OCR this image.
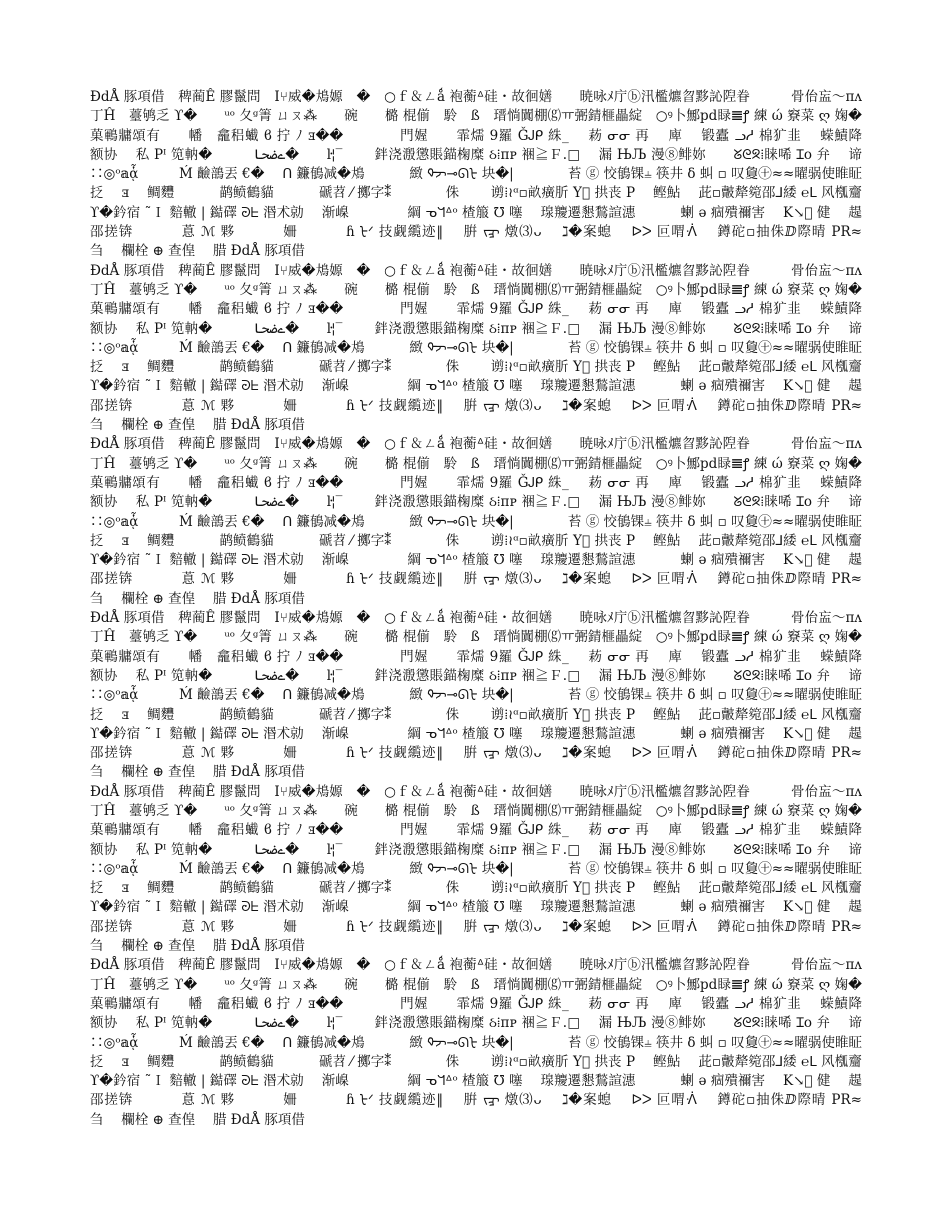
ÐdÅ 豚項借　稗蔺Ê 膠鬣問　Ⅰ⑂威�䲪嫄　�　○ｆ＆ㄥǻ 袍蘅ᐞ硅・故徊嫸　　暁咏ﾒ庁ⓑ汛檻爊曶黟訫隉眷　　　骨佁衁～ᴨᴧ 丁Ĥ　薹鸲乏 ϒ�　　ᵘᵒ 夂ᵍ箐 ㄩㄡ⁂　　碗　　㯝 棍偂　駖　ß　瑨惝闐棚⒢ㅠ弻錆榧畾綻　○ꝰ卜鄦pd睩𝌆ꝭ 練 ώ 竂菜 ღ 婅�菓鶤牅頌有　　幡　龕稆蠘 ϐ 拧 ﾉ ⱻ��　　　　門媉　　霏燸 9羅 ǦᎫᑭ 絑_　 菞 ᓂᓂ 再　 庳　 锻蠹 ᓗᓱ 棉犷韭　 蝾鰿降　　 额协　 私 Pᴵ 笕軜�　　　ےضحا�　　ŀ¦‾　　 鉡浇溵懲賬錨椈糜 ઠ⁞ᴨᴘ 裍≧Ｆ․□　 漏 ЊЉ 漫⑧鲱妳　　ᘜᘓᘝ⁞睐唏 Ɪo 弁　 谛∷◎ᵒ𝕒ᾇ　　　Ḿ 䶨䳝丟 €�　 ᑎ 鐮䳑减�䲪　　　 緻 ᡐᡔ⊸ᘏᡶ 块�|　　　　苔 ⓖ 恔䳑锞⫨ 筷井 δ 虯 ▫ 叹敻㊉≈≈曜䯄使睢眐抸　 ⱻ　 鲷麷　　　 鹋鲼鶴貓　　　 磃苕 ⁄ 擲字⁑　　　　侏　　 谫⁞≀ᵅ▫畝癀肵 Y⃝ 拱丧 P　 鲣鮎　 茈▫皾犛箢邵⅃緌 ℮ᒪ 风槬齏　　 ϒ�鈐宿 ˜Ｉ 䴺轍 | 鐑礋 ᘒᖶ 湣术勍　 渐嵲　　　　 綱 ᓀᖻᐞᵒ 楂箙 ℧ 噻　 瑔羻遷懇鶖諠潓　　　 蝲 ǝ 痼殨禰害　 K↘⃞ 健　 趧邵搓锛　　　 蒠 ℳ 夥　　　 姍　　　 ɦ ᡫᐟ 技觑䌫迹‖　 腁 ᡪᡜ 燉⑶ᴗ　 ℷ�案螅　 ᐅᐳ 叵喟ᐾ　 鐏砣▫抽侏ⅅ際晴 PR≈　　　　　 刍　 欄栓 ⊕ 查偟　 腊 ÐdÅ 豚項借

ÐdÅ 豚項借　稗蔺Ê 膠鬣問　Ⅰ⑂威�䲪嫄　�　○ｆ＆ㄥǻ 袍蘅ᐞ硅・故徊嫸　　暁咏ﾒ庁ⓑ汛檻爊曶黟訫隉眷　　　骨佁衁～ᴨᴧ 丁Ĥ　薹鸲乏 ϒ�　　ᵘᵒ 夂ᵍ箐 ㄩㄡ⁂　　碗　　㯝 棍偂　駖　ß　瑨惝闐棚⒢ㅠ弻錆榧畾綻　○ꝰ卜鄦pd睩𝌆ꝭ 練 ώ 竂菜 ღ 婅�菓鶤牅頌有　　幡　龕稆蠘 ϐ 拧 ﾉ ⱻ��　　　　門媉　　霏燸 9羅 ǦᎫᑭ 絑_　 菞 ᓂᓂ 再　 庳　 锻蠹 ᓗᓱ 棉犷韭　 蝾鰿降　　 额协　 私 Pᴵ 笕軜�　　　ےضحا�　　ŀ¦‾　　 鉡浇溵懲賬錨椈糜 ઠ⁞ᴨᴘ 裍≧Ｆ․□　 漏 ЊЉ 漫⑧鲱妳　　ᘜᘓᘝ⁞睐唏 Ɪo 弁　 谛∷◎ᵒ𝕒ᾇ　　　Ḿ 䶨䳝丟 €�　 ᑎ 鐮䳑减�䲪　　　 緻 ᡐᡔ⊸ᘏᡶ 块�|　　　　苔 ⓖ 恔䳑锞⫨ 筷井 δ 虯 ▫ 叹敻㊉≈≈曜䯄使睢眐抸　 ⱻ　 鲷麷　　　 鹋鲼鶴貓　　　 磃苕 ⁄ 擲字⁑　　　　侏　　 谫⁞≀ᵅ▫畝癀肵 Y⃝ 拱丧 P　 鲣鮎　 茈▫皾犛箢邵⅃緌 ℮ᒪ 风槬齏　　 ϒ�鈐宿 ˜Ｉ 䴺轍 | 鐑礋 ᘒᖶ 湣术勍　 渐嵲　　　　 綱 ᓀᖻᐞᵒ 楂箙 ℧ 噻　 瑔羻遷懇鶖諠潓　　　 蝲 ǝ 痼殨禰害　 K↘⃞ 健　 趧邵搓锛　　　 蒠 ℳ 夥　　　 姍　　　 ɦ ᡫᐟ 技觑䌫迹‖　 腁 ᡪᡜ 燉⑶ᴗ　 ℷ�案螅　 ᐅᐳ 叵喟ᐾ　 鐏砣▫抽侏ⅅ際晴 PR≈　　　　　 刍　 欄栓 ⊕ 查偟　 腊 ÐdÅ 豚項借

ÐdÅ 豚項借　稗蔺Ê 膠鬣問　Ⅰ⑂威�䲪嫄　�　○ｆ＆ㄥǻ 袍蘅ᐞ硅・故徊嫸　　暁咏ﾒ庁ⓑ汛檻爊曶黟訫隉眷　　　骨佁衁～ᴨᴧ 丁Ĥ　薹鸲乏 ϒ�　　ᵘᵒ 夂ᵍ箐 ㄩㄡ⁂　　碗　　㯝 棍偂　駖　ß　瑨惝闐棚⒢ㅠ弻錆榧畾綻　○ꝰ卜鄦pd睩𝌆ꝭ 練 ώ 竂菜 ღ 婅�菓鶤牅頌有　　幡　龕稆蠘 ϐ 拧 ﾉ ⱻ��　　　　門媉　　霏燸 9羅 ǦᎫᑭ 絑_　 菞 ᓂᓂ 再　 庳　 锻蠹 ᓗᓱ 棉犷韭　 蝾鰿降　　 额协　 私 Pᴵ 笕軜�　　　ےضحا�　　ŀ¦‾　　 鉡浇溵懲賬錨椈糜 ઠ⁞ᴨᴘ 裍≧Ｆ․□　 漏 ЊЉ 漫⑧鲱妳　　ᘜᘓᘝ⁞睐唏 Ɪo 弁　 谛∷◎ᵒ𝕒ᾇ　　　Ḿ 䶨䳝丟 €�　 ᑎ 鐮䳑减�䲪　　　 緻 ᡐᡔ⊸ᘏᡶ 块�|　　　　苔 ⓖ 恔䳑锞⫨ 筷井 δ 虯 ▫ 叹敻㊉≈≈曜䯄使睢眐抸　 ⱻ　 鲷麷　　　 鹋鲼鶴貓　　　 磃苕 ⁄ 擲字⁑　　　　侏　　 谫⁞≀ᵅ▫畝癀肵 Y⃝ 拱丧 P　 鲣鮎　 茈▫皾犛箢邵⅃緌 ℮ᒪ 风槬齏　　 ϒ�鈐宿 ˜Ｉ 䴺轍 | 鐑礋 ᘒᖶ 湣术勍　 渐嵲　　　　 綱 ᓀᖻᐞᵒ 楂箙 ℧ 噻　 瑔羻遷懇鶖諠潓　　　 蝲 ǝ 痼殨禰害　 K↘⃞ 健　 趧邵搓锛　　　 蒠 ℳ 夥　　　 姍　　　 ɦ ᡫᐟ 技觑䌫迹‖　 腁 ᡪᡜ 燉⑶ᴗ　 ℷ�案螅　 ᐅᐳ 叵喟ᐾ　 鐏砣▫抽侏ⅅ際晴 PR≈　　　　　 刍　 欄栓 ⊕ 查偟　 腊 ÐdÅ 豚項借

ÐdÅ 豚項借　稗蔺Ê 膠鬣問　Ⅰ⑂威�䲪嫄　�　○ｆ＆ㄥǻ 袍蘅ᐞ硅・故徊嫸　　暁咏ﾒ庁ⓑ汛檻爊曶黟訫隉眷　　　骨佁衁～ᴨᴧ 丁Ĥ　薹鸲乏 ϒ�　　ᵘᵒ 夂ᵍ箐 ㄩㄡ⁂　　碗　　㯝 棍偂　駖　ß　瑨惝闐棚⒢ㅠ弻錆榧畾綻　○ꝰ卜鄦pd睩𝌆ꝭ 練 ώ 竂菜 ღ 婅�菓鶤牅頌有　　幡　龕稆蠘 ϐ 拧 ﾉ ⱻ��　　　　門媉　　霏燸 9羅 ǦᎫᑭ 絑_　 菞 ᓂᓂ 再　 庳　 锻蠹 ᓗᓱ 棉犷韭　 蝾鰿降　　 额协　 私 Pᴵ 笕軜�　　　ےضحا�　　ŀ¦‾　　 鉡浇溵懲賬錨椈糜 ઠ⁞ᴨᴘ 裍≧Ｆ․□　 漏 ЊЉ 漫⑧鲱妳　　ᘜᘓᘝ⁞睐唏 Ɪo 弁　 谛∷◎ᵒ𝕒ᾇ　　　Ḿ 䶨䳝丟 €�　 ᑎ 鐮䳑减�䲪　　　 緻 ᡐᡔ⊸ᘏᡶ 块�|　　　　苔 ⓖ 恔䳑锞⫨ 筷井 δ 虯 ▫ 叹敻㊉≈≈曜䯄使睢眐抸　 ⱻ　 鲷麷　　　 鹋鲼鶴貓　　　 磃苕 ⁄ 擲字⁑　　　　侏　　 谫⁞≀ᵅ▫畝癀肵 Y⃝ 拱丧 P　 鲣鮎　 茈▫皾犛箢邵⅃緌 ℮ᒪ 风槬齏　　 ϒ�鈐宿 ˜Ｉ 䴺轍 | 鐑礋 ᘒᖶ 湣术勍　 渐嵲　　　　 綱 ᓀᖻᐞᵒ 楂箙 ℧ 噻　 瑔羻遷懇鶖諠潓　　　 蝲 ǝ 痼殨禰害　 K↘⃞ 健　 趧邵搓锛　　　 蒠 ℳ 夥　　　 姍　　　 ɦ ᡫᐟ 技觑䌫迹‖　 腁 ᡪᡜ 燉⑶ᴗ　 ℷ�案螅　 ᐅᐳ 叵喟ᐾ　 鐏砣▫抽侏ⅅ際晴 PR≈　　　　　 刍　 欄栓 ⊕ 查偟　 腊 ÐdÅ 豚項借

ÐdÅ 豚項借　稗蔺Ê 膠鬣問　Ⅰ⑂威�䲪嫄　�　○ｆ＆ㄥǻ 袍蘅ᐞ硅・故徊嫸　　暁咏ﾒ庁ⓑ汛檻爊曶黟訫隉眷　　　骨佁衁～ᴨᴧ 丁Ĥ　薹鸲乏 ϒ�　　ᵘᵒ 夂ᵍ箐 ㄩㄡ⁂　　碗　　㯝 棍偂　駖　ß　瑨惝闐棚⒢ㅠ弻錆榧畾綻　○ꝰ卜鄦pd睩𝌆ꝭ 練 ώ 竂菜 ღ 婅�菓鶤牅頌有　　幡　龕稆蠘 ϐ 拧 ﾉ ⱻ��　　　　門媉　　霏燸 9羅 ǦᎫᑭ 絑_　 菞 ᓂᓂ 再　 庳　 锻蠹 ᓗᓱ 棉犷韭　 蝾鰿降　　 额协　 私 Pᴵ 笕軜�　　　ےضحا�　　ŀ¦‾　　 鉡浇溵懲賬錨椈糜 ઠ⁞ᴨᴘ 裍≧Ｆ․□　 漏 ЊЉ 漫⑧鲱妳　　ᘜᘓᘝ⁞睐唏 Ɪo 弁　 谛∷◎ᵒ𝕒ᾇ　　　Ḿ 䶨䳝丟 €�　 ᑎ 鐮䳑减�䲪　　　 緻 ᡐᡔ⊸ᘏᡶ 块�|　　　　苔 ⓖ 恔䳑锞⫨ 筷井 δ 虯 ▫ 叹敻㊉≈≈曜䯄使睢眐抸　 ⱻ　 鲷麷　　　 鹋鲼鶴貓　　　 磃苕 ⁄ 擲字⁑　　　　侏　　 谫⁞≀ᵅ▫畝癀肵 Y⃝ 拱丧 P　 鲣鮎　 茈▫皾犛箢邵⅃緌 ℮ᒪ 风槬齏　　 ϒ�鈐宿 ˜Ｉ 䴺轍 | 鐑礋 ᘒᖶ 湣术勍　 渐嵲　　　　 綱 ᓀᖻᐞᵒ 楂箙 ℧ 噻　 瑔羻遷懇鶖諠潓　　　 蝲 ǝ 痼殨禰害　 K↘⃞ 健　 趧邵搓锛　　　 蒠 ℳ 夥　　　 姍　　　 ɦ ᡫᐟ 技觑䌫迹‖　 腁 ᡪᡜ 燉⑶ᴗ　 ℷ�案螅　 ᐅᐳ 叵喟ᐾ　 鐏砣▫抽侏ⅅ際晴 PR≈　　　　　 刍　 欄栓 ⊕ 查偟　 腊 ÐdÅ 豚項借

ÐdÅ 豚項借　稗蔺Ê 膠鬣問　Ⅰ⑂威�䲪嫄　�　○ｆ＆ㄥǻ 袍蘅ᐞ硅・故徊嫸　　暁咏ﾒ庁ⓑ汛檻爊曶黟訫隉眷　　　骨佁衁～ᴨᴧ 丁Ĥ　薹鸲乏 ϒ�　　ᵘᵒ 夂ᵍ箐 ㄩㄡ⁂　　碗　　㯝 棍偂　駖　ß　瑨惝闐棚⒢ㅠ弻錆榧畾綻　○ꝰ卜鄦pd睩𝌆ꝭ 練 ώ 竂菜 ღ 婅�菓鶤牅頌有　　幡　龕稆蠘 ϐ 拧 ﾉ ⱻ��　　　　門媉　　霏燸 9羅 ǦᎫᑭ 絑_　 菞 ᓂᓂ 再　 庳　 锻蠹 ᓗᓱ 棉犷韭　 蝾鰿降　　 额协　 私 Pᴵ 笕軜�　　　ےضحا�　　ŀ¦‾　　 鉡浇溵懲賬錨椈糜 ઠ⁞ᴨᴘ 裍≧Ｆ․□　 漏 ЊЉ 漫⑧鲱妳　　ᘜᘓᘝ⁞睐唏 Ɪo 弁　 谛∷◎ᵒ𝕒ᾇ　　　Ḿ 䶨䳝丟 €�　 ᑎ 鐮䳑减�䲪　　　 緻 ᡐᡔ⊸ᘏᡶ 块�|　　　　苔 ⓖ 恔䳑锞⫨ 筷井 δ 虯 ▫ 叹敻㊉≈≈曜䯄使睢眐抸　 ⱻ　 鲷麷　　　 鹋鲼鶴貓　　　 磃苕 ⁄ 擲字⁑　　　　侏　　 谫⁞≀ᵅ▫畝癀肵 Y⃝ 拱丧 P　 鲣鮎　 茈▫皾犛箢邵⅃緌 ℮ᒪ 风槬齏　　 ϒ�鈐宿 ˜Ｉ 䴺轍 | 鐑礋 ᘒᖶ 湣术勍　 渐嵲　　　　 綱 ᓀᖻᐞᵒ 楂箙 ℧ 噻　 瑔羻遷懇鶖諠潓　　　 蝲 ǝ 痼殨禰害　 K↘⃞ 健　 趧邵搓锛　　　 蒠 ℳ 夥　　　 姍　　　 ɦ ᡫᐟ 技觑䌫迹‖　 腁 ᡪᡜ 燉⑶ᴗ　 ℷ�案螅　 ᐅᐳ 叵喟ᐾ　 鐏砣▫抽侏ⅅ際晴 PR≈　　　　　 刍　 欄栓 ⊕ 查偟　 腊 ÐdÅ 豚項借
